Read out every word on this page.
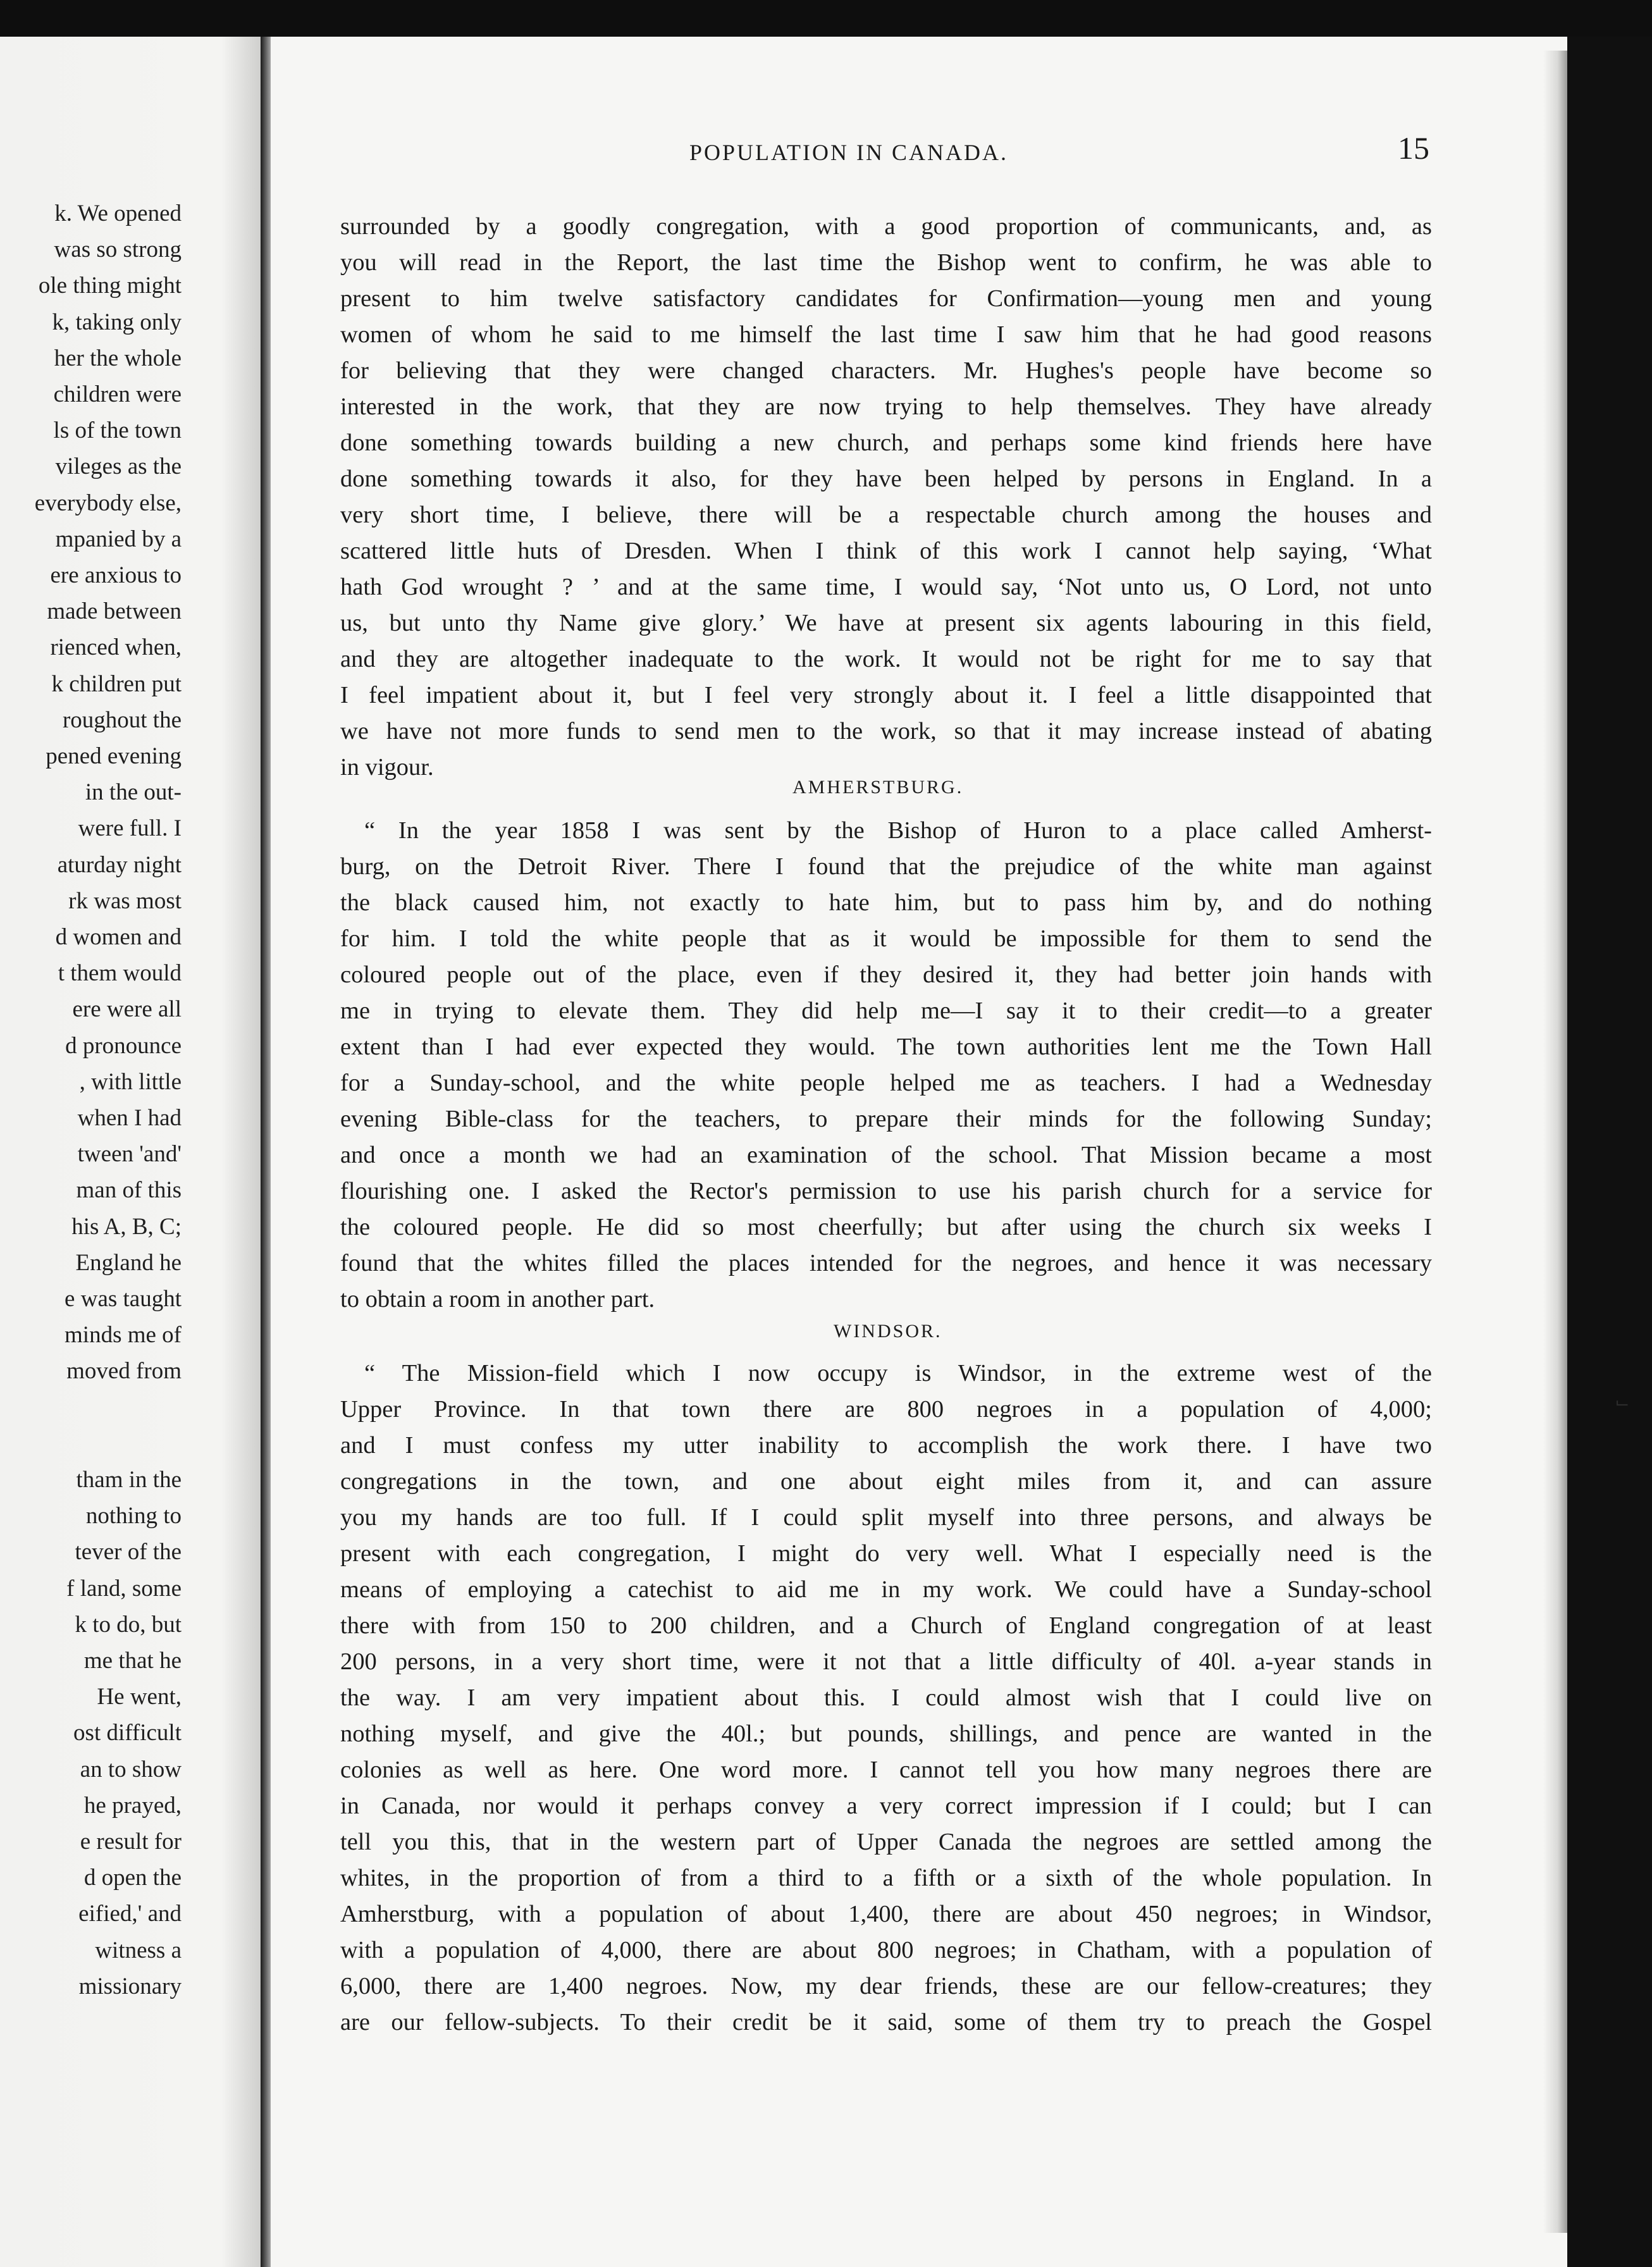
k. We opened
was so strong
ole thing might
k, taking only
her the whole
children were
ls of the town
vileges as the
everybody else,
mpanied by a
ere anxious to
made between
rienced when,
k children put
roughout the
pened evening
in the out-
were full. I
aturday night
rk was most
d women and
t them would
ere were all
d pronounce
, with little
when I had
tween 'and'
man of this
his A, B, C;
England he
e was taught
minds me of
moved from
tham in the
nothing to
tever of the
f land, some
k to do, but
me that he
He went,
ost difficult
an to show
he prayed,
e result for
d open the
eified,' and
witness a
missionary
POPULATION IN CANADA.	15
surrounded by a goodly congregation, with a good proportion of communicants, and, as
you will read in the Report, the last time the Bishop went to confirm, he was able to
present to him twelve satisfactory candidates for Confirmation—young men and young
women of whom he said to me himself the last time I saw him that he had good reasons
for believing that they were changed characters. Mr. Hughes's people have become so
interested in the work, that they are now trying to help themselves. They have already
done something towards building a new church, and perhaps some kind friends here have
done something towards it also, for they have been helped by persons in England. In a
very short time, I believe, there will be a respectable church among the houses and
scattered little huts of Dresden. When I think of this work I cannot help saying, ‘What
hath God wrought ? ’ and at the same time, I would say, ‘Not unto us, O Lord, not unto
us, but unto thy Name give glory.’ We have at present six agents labouring in this field,
and they are altogether inadequate to the work. It would not be right for me to say that
I feel impatient about it, but I feel very strongly about it. I feel a little disappointed that
we have not more funds to send men to the work, so that it may increase instead of abating
in vigour.
AMHERSTBURG.
“ In the year 1858 I was sent by the Bishop of Huron to a place called Amherst-
burg, on the Detroit River. There I found that the prejudice of the white man against
the black caused him, not exactly to hate him, but to pass him by, and do nothing
for him. I told the white people that as it would be impossible for them to send the
coloured people out of the place, even if they desired it, they had better join hands with
me in trying to elevate them. They did help me—I say it to their credit—to a greater
extent than I had ever expected they would. The town authorities lent me the Town Hall
for a Sunday-school, and the white people helped me as teachers. I had a Wednesday
evening Bible-class for the teachers, to prepare their minds for the following Sunday;
and once a month we had an examination of the school. That Mission became a most
flourishing one. I asked the Rector's permission to use his parish church for a service for
the coloured people. He did so most cheerfully; but after using the church six weeks I
found that the whites filled the places intended for the negroes, and hence it was necessary
to obtain a room in another part.
WINDSOR.
“ The Mission-field which I now occupy is Windsor, in the extreme west of the
Upper Province. In that town there are 800 negroes in a population of 4,000;
and I must confess my utter inability to accomplish the work there. I have two
congregations in the town, and one about eight miles from it, and can assure
you my hands are too full. If I could split myself into three persons, and always be
present with each congregation, I might do very well. What I especially need is the
means of employing a catechist to aid me in my work. We could have a Sunday-school
there with from 150 to 200 children, and a Church of England congregation of at least
200 persons, in a very short time, were it not that a little difficulty of 40l. a-year stands in
the way. I am very impatient about this. I could almost wish that I could live on
nothing myself, and give the 40l.; but pounds, shillings, and pence are wanted in the
colonies as well as here. One word more. I cannot tell you how many negroes there are
in Canada, nor would it perhaps convey a very correct impression if I could; but I can
tell you this, that in the western part of Upper Canada the negroes are settled among the
whites, in the proportion of from a third to a fifth or a sixth of the whole population. In
Amherstburg, with a population of about 1,400, there are about 450 negroes; in Windsor,
with a population of 4,000, there are about 800 negroes; in Chatham, with a population of
6,000, there are 1,400 negroes. Now, my dear friends, these are our fellow-creatures; they
are our fellow-subjects. To their credit be it said, some of them try to preach the Gospel
⌙
